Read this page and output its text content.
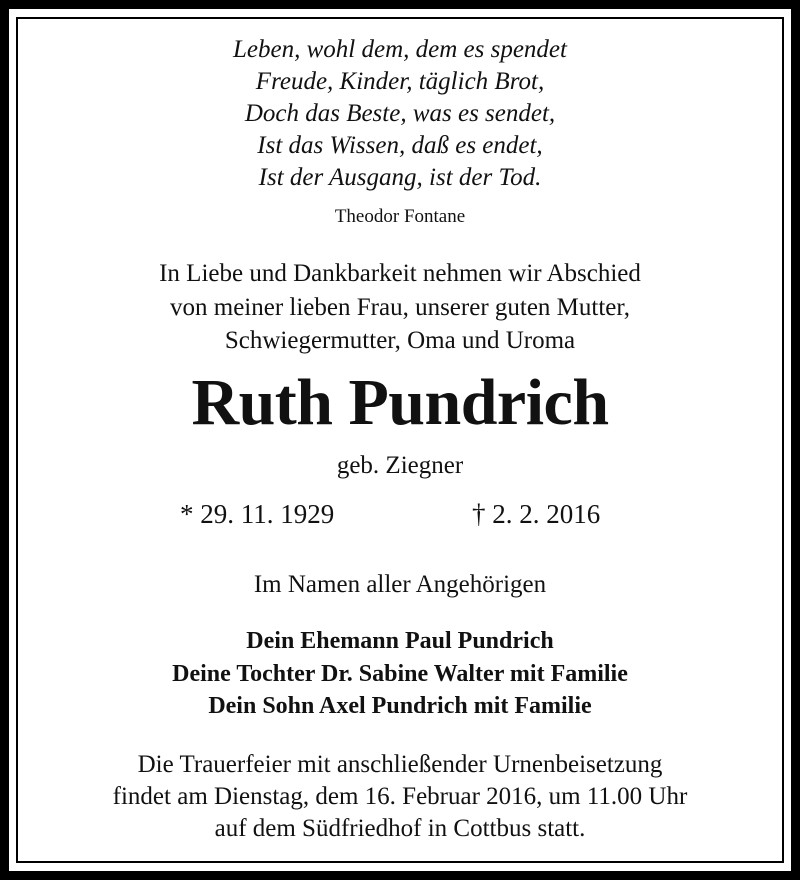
Leben, wohl dem, dem es spendet
Freude, Kinder, täglich Brot,
Doch das Beste, was es sendet,
Ist das Wissen, daß es endet,
Ist der Ausgang, ist der Tod.
Theodor Fontane
In Liebe und Dankbarkeit nehmen wir Abschied
von meiner lieben Frau, unserer guten Mutter,
Schwiegermutter, Oma und Uroma
Ruth Pundrich
geb. Ziegner
* 29. 11. 1929	† 2. 2. 2016
Im Namen aller Angehörigen
Dein Ehemann Paul Pundrich
Deine Tochter Dr. Sabine Walter mit Familie
Dein Sohn Axel Pundrich mit Familie
Die Trauerfeier mit anschließender Urnenbeisetzung
findet am Dienstag, dem 16. Februar 2016, um 11.00 Uhr
auf dem Südfriedhof in Cottbus statt.
